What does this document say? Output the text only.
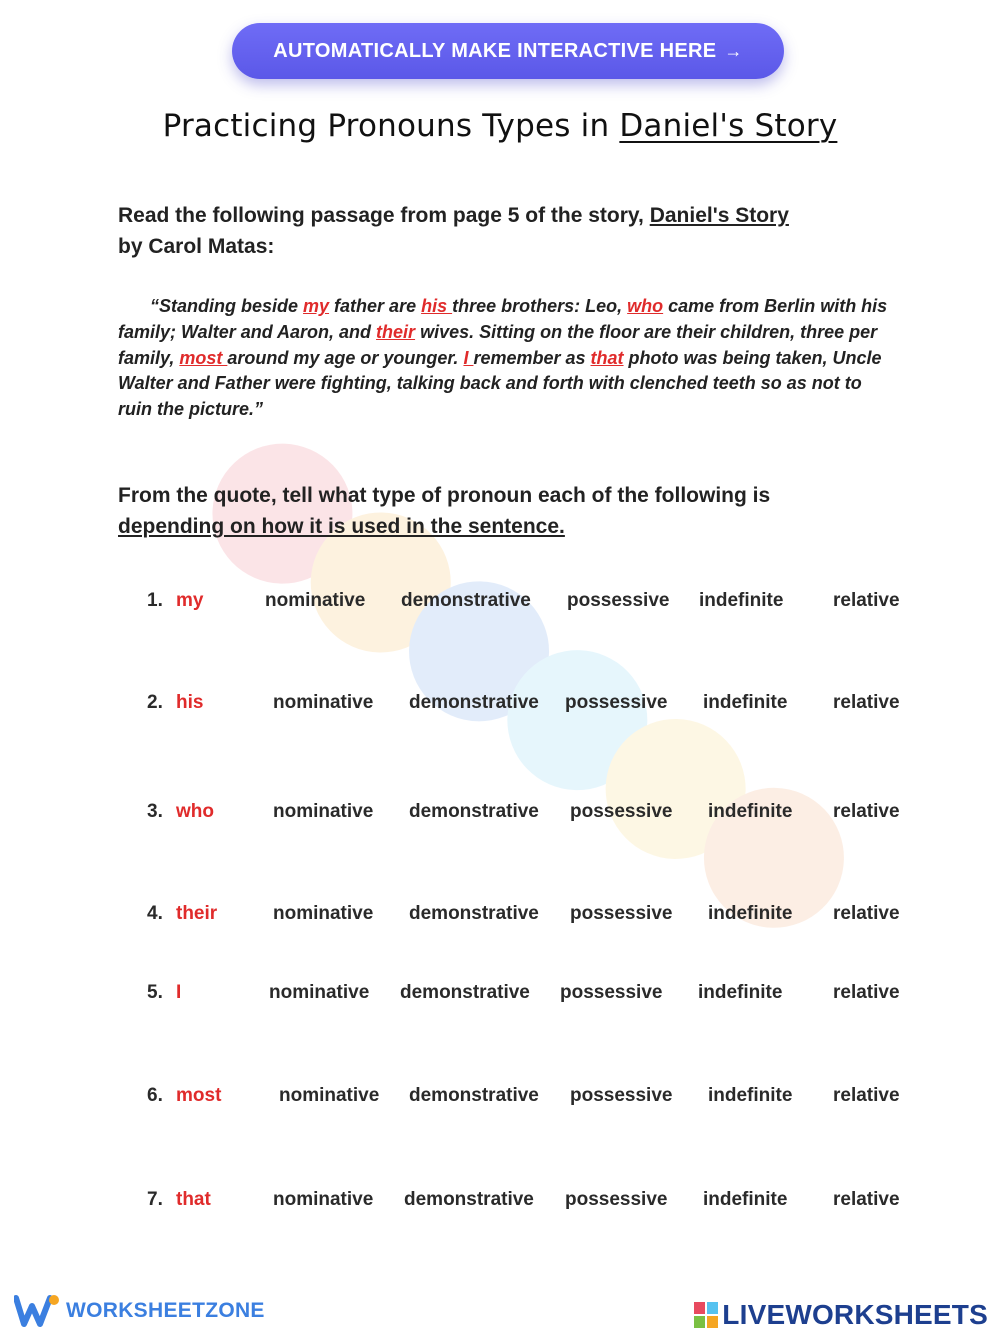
AUTOMATICALLY MAKE INTERACTIVE HERE →
Practicing Pronouns Types in Daniel's Story
Read the following passage from page 5 of the story, Daniel's Story
by Carol Matas:
“Standing beside my father are his three brothers: Leo, who came from Berlin with his family; Walter and Aaron, and their wives. Sitting on the floor are their children, three per family, most around my age or younger. I remember as that photo was being taken, Uncle Walter and Father were fighting, talking back and forth with clenched teeth so as not to ruin the picture.”
From the quote, tell what type of pronoun each of the following is
depending on how it is used in the sentence.
1. my	nominative demonstrative possessive indefinite	relative
2. his	nominative demonstrative possessive indefinite relative
3. who	nominative demonstrative possessive indefinite relative
4. their	nominative demonstrative possessive indefinite relative
5. I	nominative demonstrative possessive indefinite	relative
6. most	nominative demonstrative possessive indefinite relative
7. that	nominative demonstrative possessive indefinite relative
WORKSHEETZONE	LIVEWORKSHEETS
